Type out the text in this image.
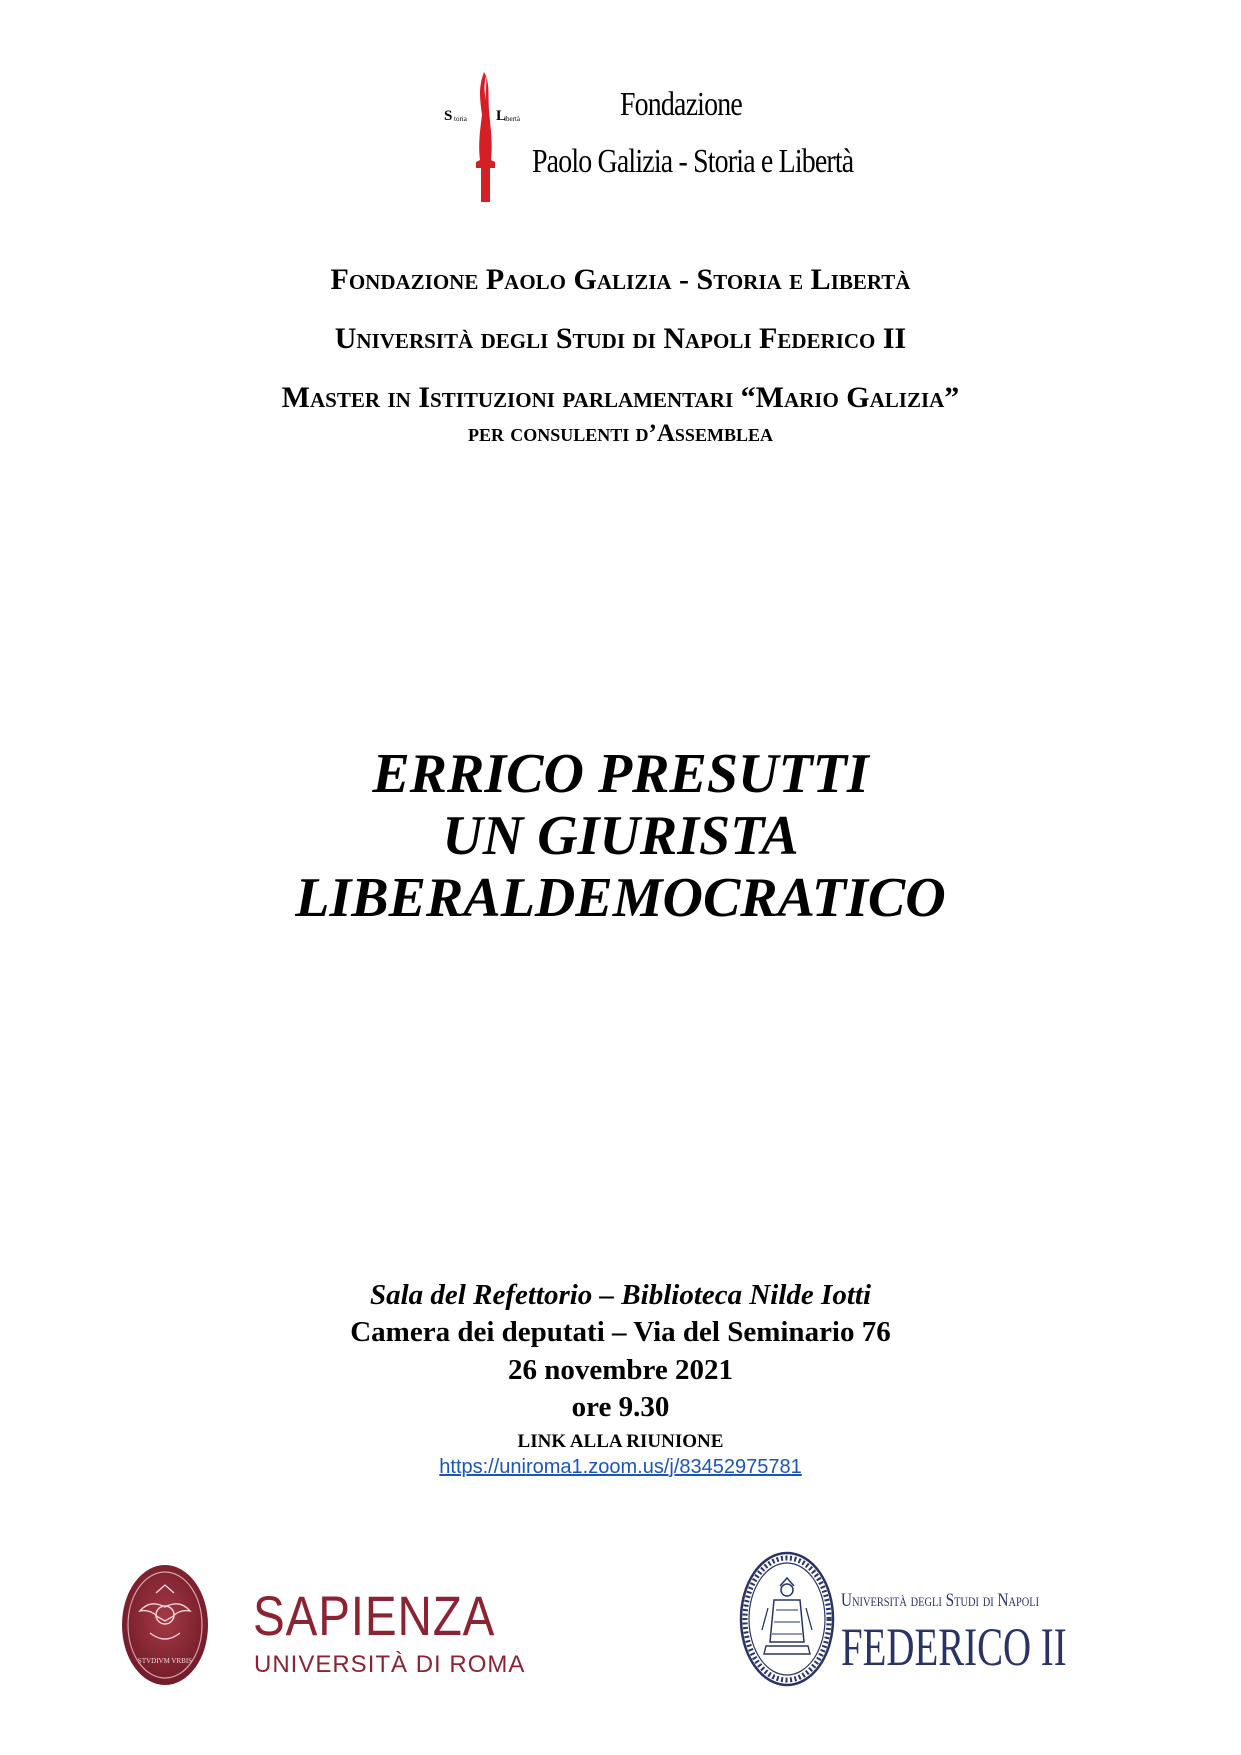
S toria L
ibertà	Fondazione
Paolo Galizia - Storia e Libertà
Fondazione Paolo Galizia - Storia e Libertà
Università degli Studi di Napoli Federico II
Master in Istituzioni parlamentari “Mario Galizia”
per consulenti d’Assemblea
ERRICO PRESUTTI
UN GIURISTA
LIBERALDEMOCRATICO
Sala del Refettorio – Biblioteca Nilde Iotti
Camera dei deputati – Via del Seminario 76
26 novembre 2021
ore 9.30
LINK ALLA RIUNIONE
https://uniroma1.zoom.us/j/83452975781
STVDIVM VRBIS
SAPIENZA
UNIVERSITÀ DI ROMA
Università degli Studi di Napoli
FEDERICO II
